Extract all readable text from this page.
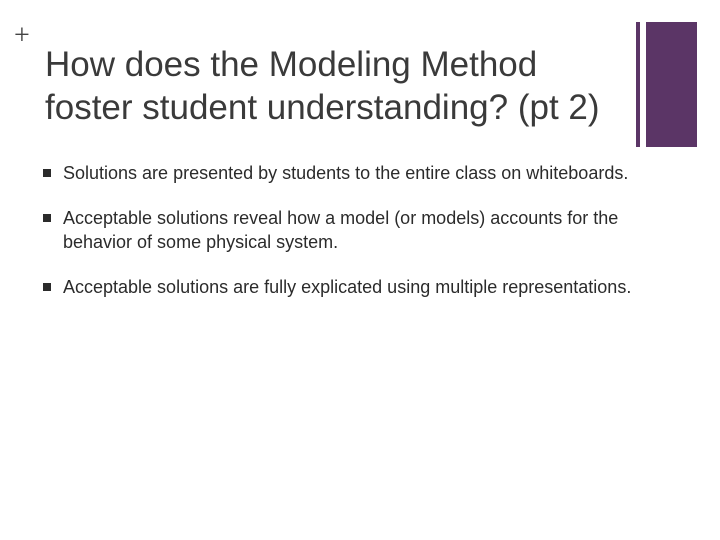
+
How does the Modeling Method foster student understanding? (pt 2)
Solutions are presented by students to the entire class on whiteboards.
Acceptable solutions reveal how a model (or models) accounts for the behavior of some physical system.
Acceptable solutions are fully explicated using multiple representations.
